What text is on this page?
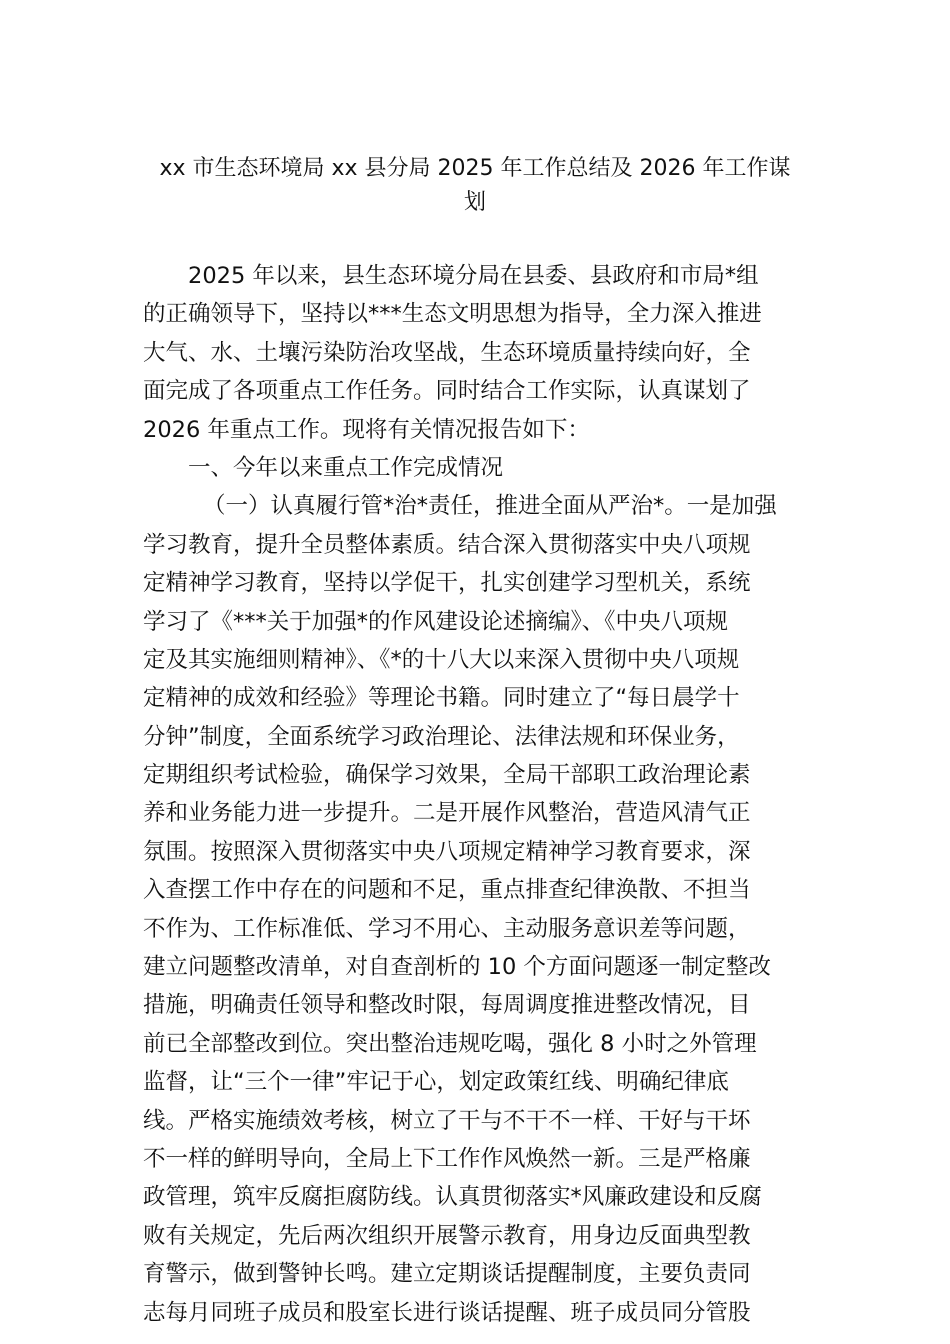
xx 市生态环境局 xx 县分局 2025 年工作总结及 2026 年工作谋
划
2025 年以来，县生态环境分局在县委、县政府和市局*组
的正确领导下，坚持以***生态文明思想为指导，全力深入推进
大气、水、土壤污染防治攻坚战，生态环境质量持续向好，全
面完成了各项重点工作任务。同时结合工作实际，认真谋划了
2026 年重点工作。现将有关情况报告如下：
一、今年以来重点工作完成情况
（一）认真履行管*治*责任，推进全面从严治*。一是加强
学习教育，提升全员整体素质。结合深入贯彻落实中央八项规
定精神学习教育，坚持以学促干，扎实创建学习型机关，系统
学习了《***关于加强*的作风建设论述摘编》、《中央八项规
定及其实施细则精神》、《*的十八大以来深入贯彻中央八项规
定精神的成效和经验》等理论书籍。同时建立了“每日晨学十
分钟”制度，全面系统学习政治理论、法律法规和环保业务，
定期组织考试检验，确保学习效果，全局干部职工政治理论素
养和业务能力进一步提升。二是开展作风整治，营造风清气正
氛围。按照深入贯彻落实中央八项规定精神学习教育要求，深
入查摆工作中存在的问题和不足，重点排查纪律涣散、不担当
不作为、工作标准低、学习不用心、主动服务意识差等问题，
建立问题整改清单，对自查剖析的 10 个方面问题逐一制定整改
措施，明确责任领导和整改时限，每周调度推进整改情况，目
前已全部整改到位。突出整治违规吃喝，强化 8 小时之外管理
监督，让“三个一律”牢记于心，划定政策红线、明确纪律底
线。严格实施绩效考核，树立了干与不干不一样、干好与干坏
不一样的鲜明导向，全局上下工作作风焕然一新。三是严格廉
政管理，筑牢反腐拒腐防线。认真贯彻落实*风廉政建设和反腐
败有关规定，先后两次组织开展警示教育，用身边反面典型教
育警示，做到警钟长鸣。建立定期谈话提醒制度，主要负责同
志每月同班子成员和股室长进行谈话提醒、班子成员同分管股
